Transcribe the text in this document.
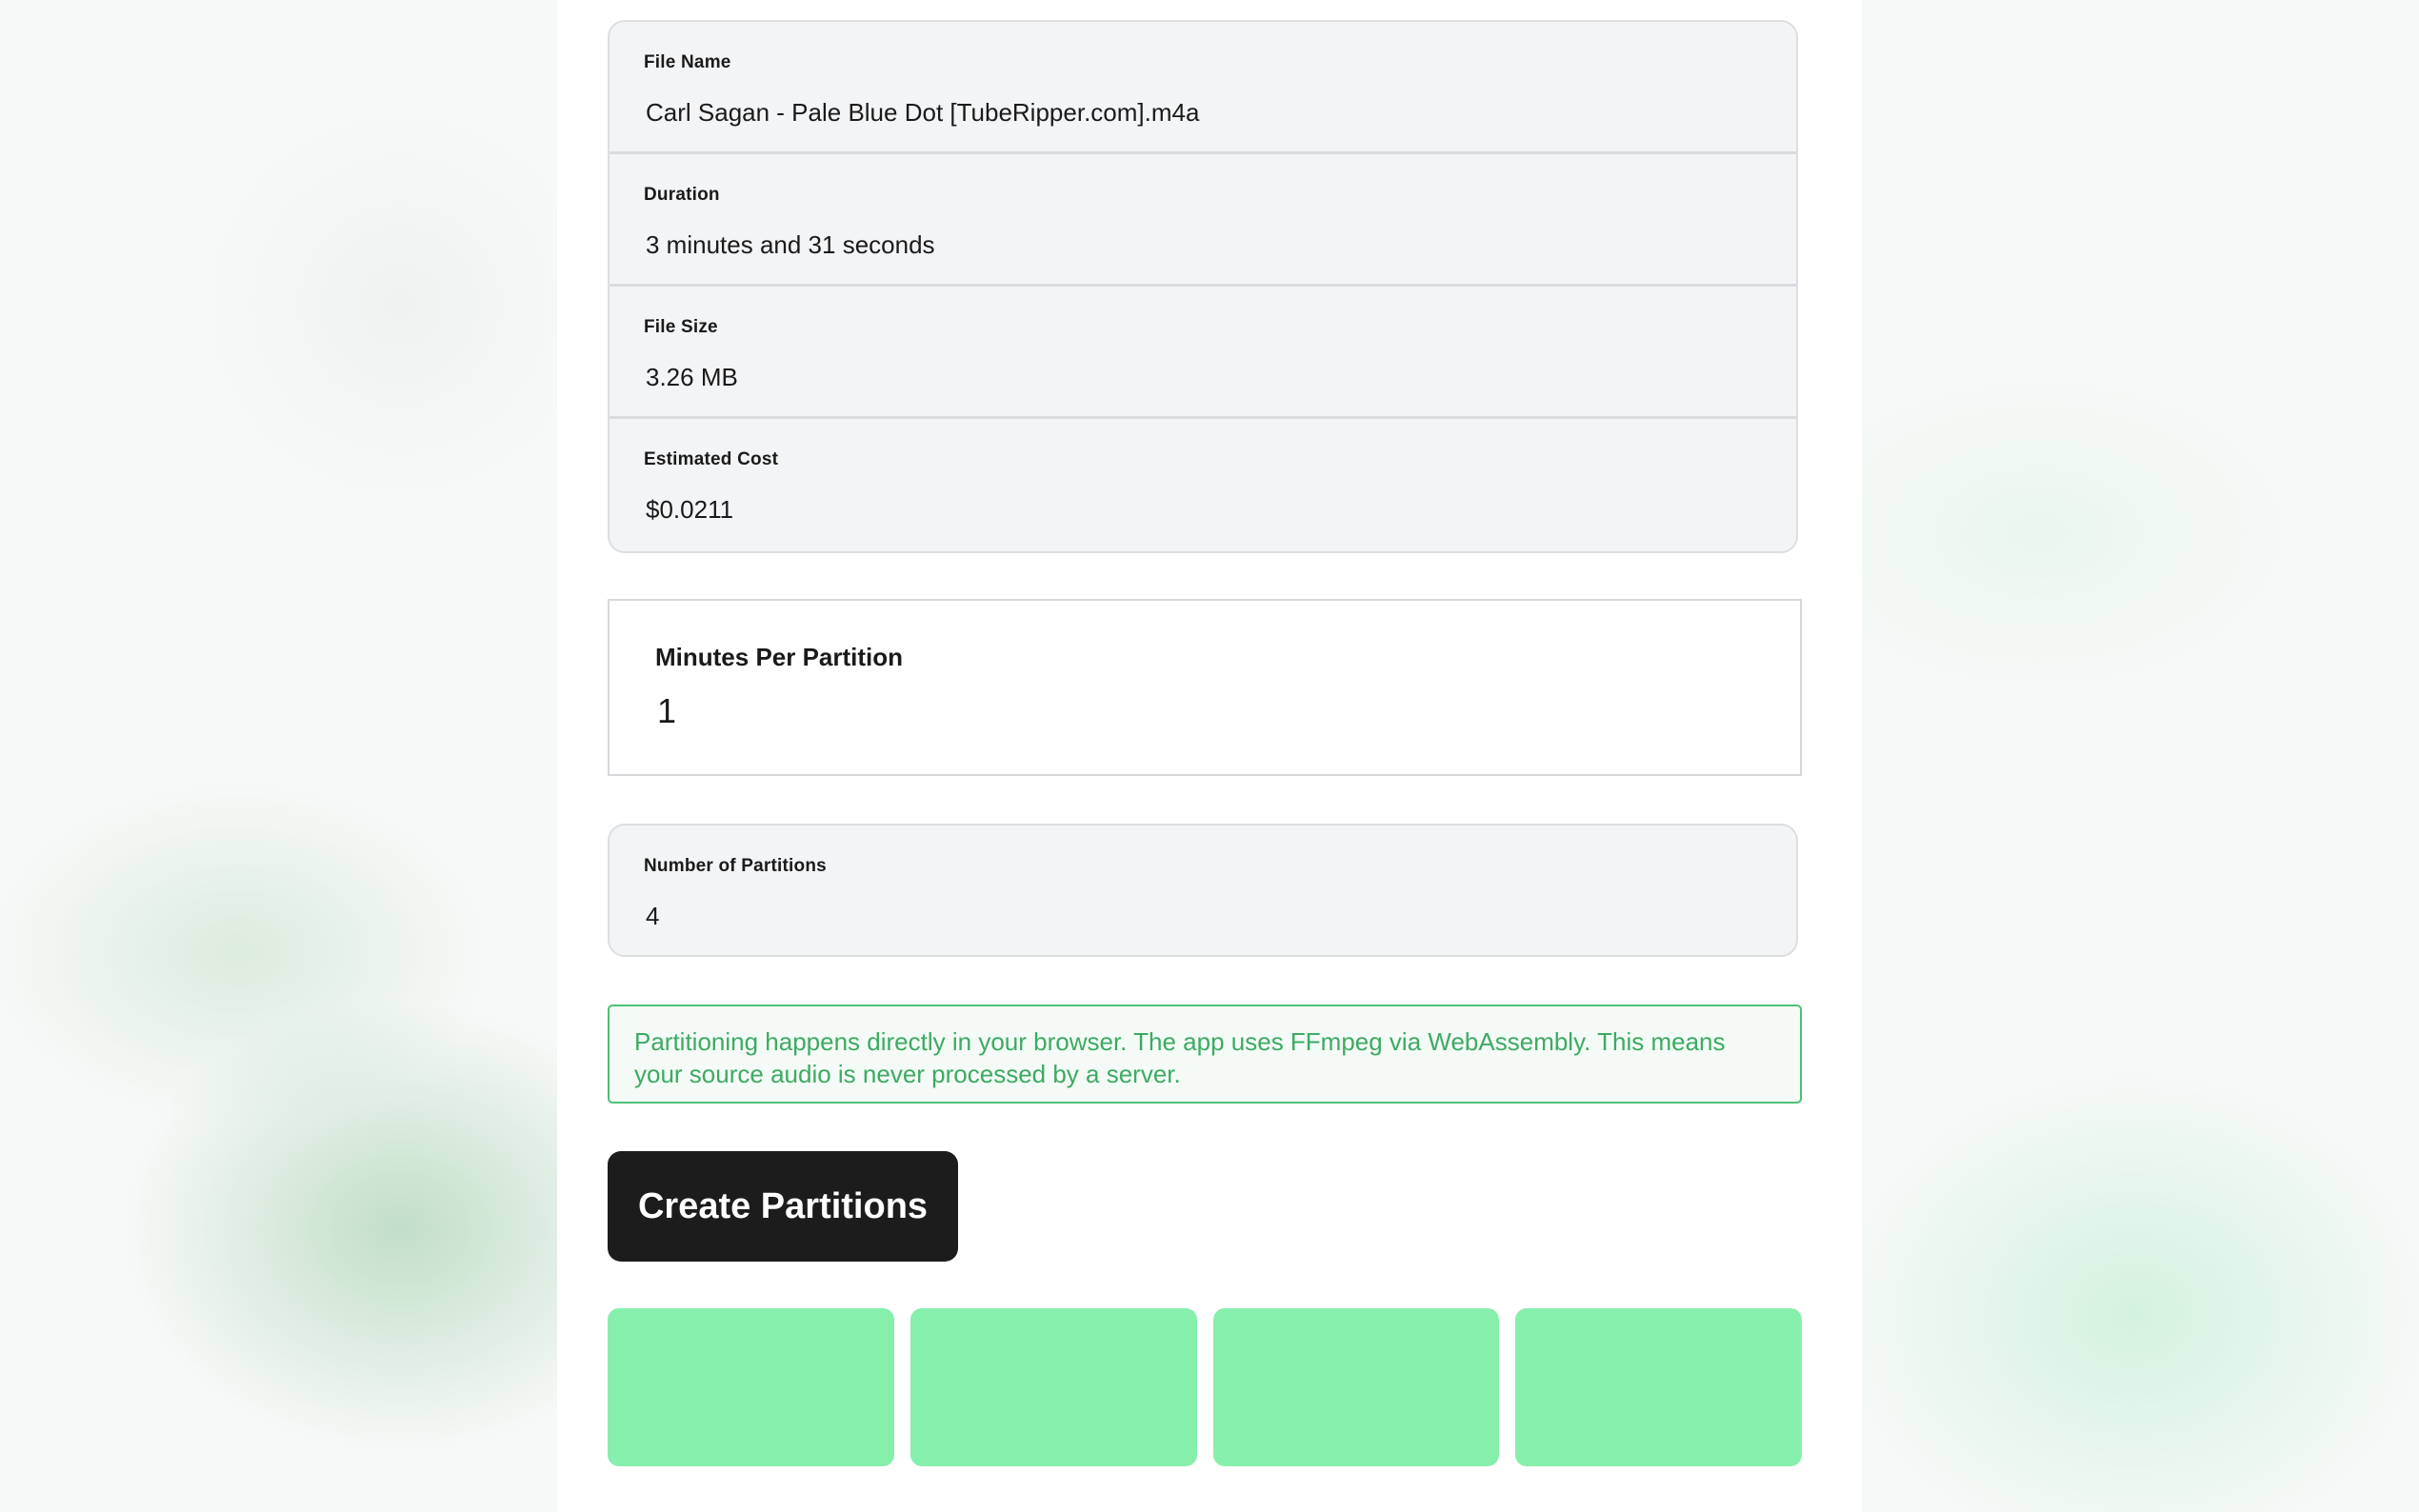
File Name
Carl Sagan - Pale Blue Dot [TubeRipper.com].m4a
Duration
3 minutes and 31 seconds
File Size
3.26 MB
Estimated Cost
$0.0211
Minutes Per Partition
1
Number of Partitions
4
Partitioning happens directly in your browser. The app uses FFmpeg via WebAssembly. This means your source audio is never processed by a server.
Create Partitions
